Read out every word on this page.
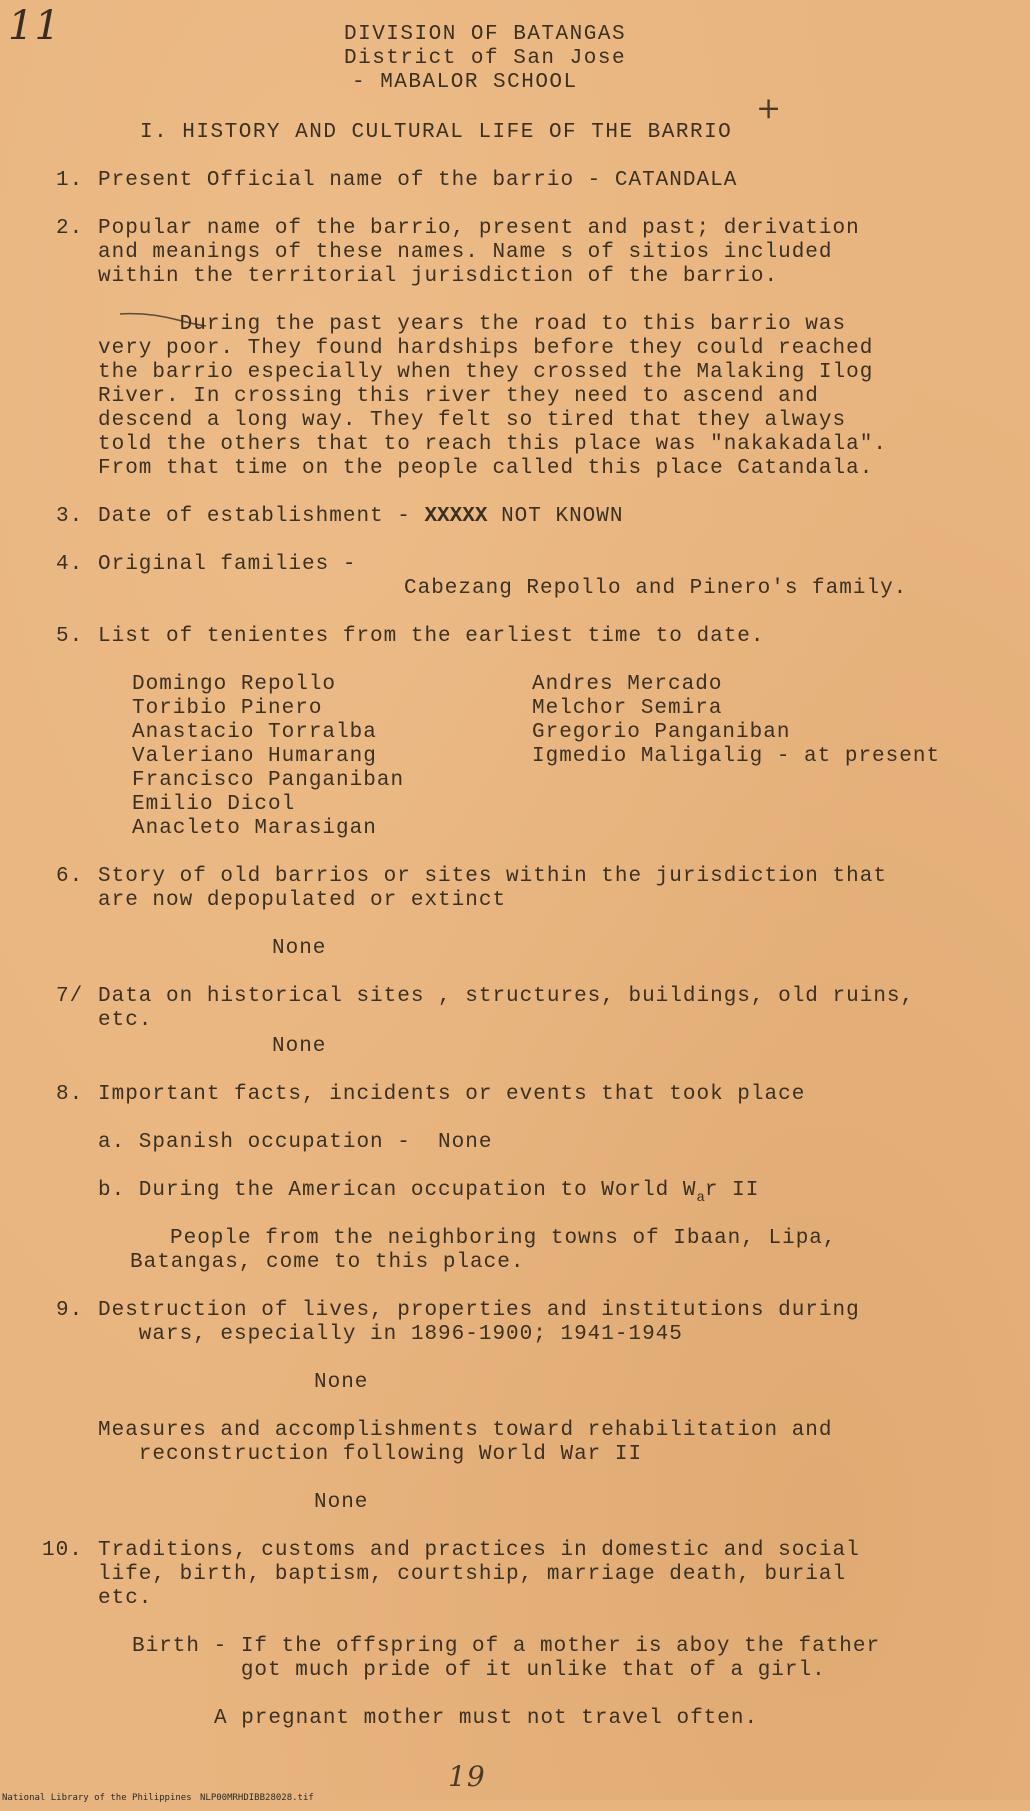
11	DIVISION OF BATANGAS
District of San Jose
- MABALOR SCHOOL
I. HISTORY AND CULTURAL LIFE OF THE BARRIO
+
1. Present Official name of the barrio - CATANDALA
2. Popular name of the barrio, present and past; derivation
and meanings of these names. Name s of sitios included
within the territorial jurisdiction of the barrio.
During the past years the road to this barrio was
very poor. They found hardships before they could reached
the barrio especially when they crossed the Malaking Ilog
River. In crossing this river they need to ascend and
descend a long way. They felt so tired that they always
told the others that to reach this place was "nakakadala".
From that time on the people called this place Catandala.
3. Date of establishment - XXXXX NOT KNOWN
4. Original families -
Cabezang Repollo and Pinero's family.
5. List of tenientes from the earliest time to date.
Domingo Repollo
Toribio Pinero
Anastacio Torralba
Valeriano Humarang
Francisco Panganiban
Emilio Dicol
Anacleto Marasigan
Andres Mercado
Melchor Semira
Gregorio Panganiban
Igmedio Maligalig - at present
6. Story of old barrios or sites within the jurisdiction that
are now depopulated or extinct
None
7/ Data on historical sites , structures, buildings, old ruins,
etc.
None
8. Important facts, incidents or events that took place
a. Spanish occupation -  None
b. During the American occupation to World $W_ar$ II
People from the neighboring towns of Ibaan, Lipa,
Batangas, come to this place.
9. Destruction of lives, properties and institutions during
wars, especially in 1896-1900; 1941-1945
None
Measures and accomplishments toward rehabilitation and
reconstruction following World War II
None
10. Traditions, customs and practices in domestic and social
life, birth, baptism, courtship, marriage death, burial
etc.
Birth - If the offspring of a mother is aboy the father
got much pride of it unlike that of a girl.
A pregnant mother must not travel often.
National Library of the Philippines NLP00MRHDIBB28028.tif
19
